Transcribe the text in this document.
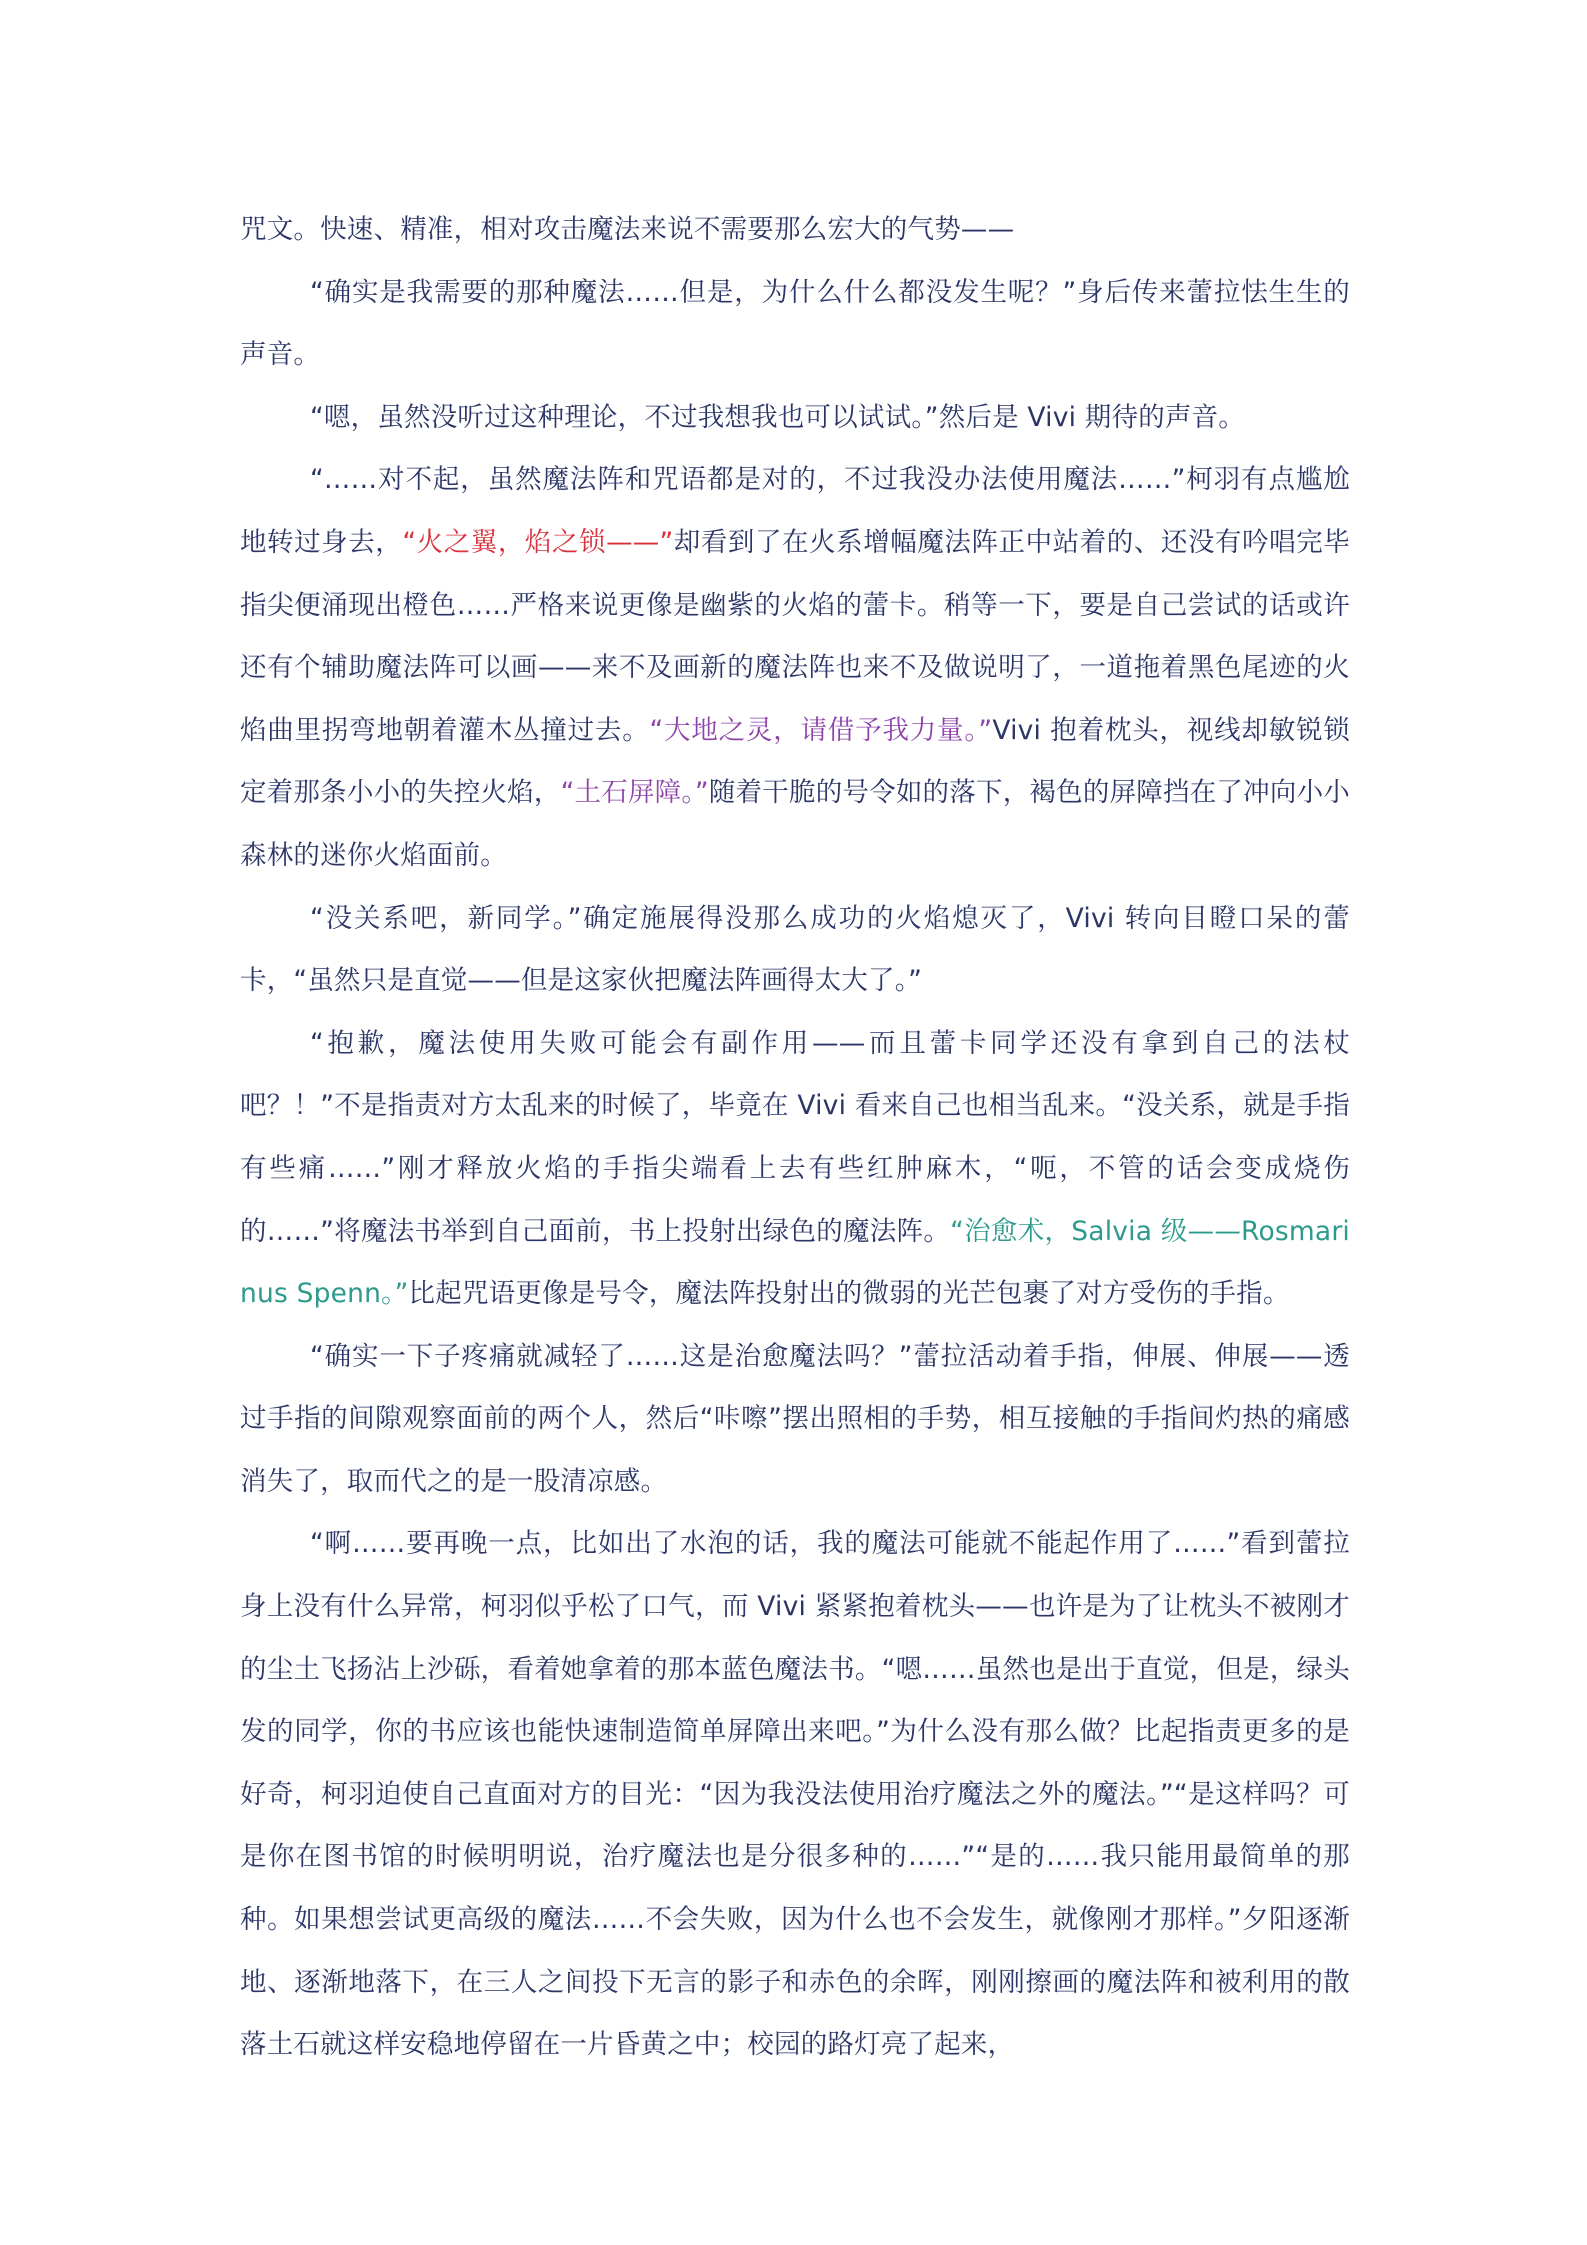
咒文。快速、精准，相对攻击魔法来说不需要那么宏大的气势——

“确实是我需要的那种魔法……但是，为什么什么都没发生呢？”身后传来蕾拉怯生生的声音。

“嗯，虽然没听过这种理论，不过我想我也可以试试。”然后是 Vivi 期待的声音。

“……对不起，虽然魔法阵和咒语都是对的，不过我没办法使用魔法……”柯羽有点尴尬地转过身去，“火之翼，焰之锁——”却看到了在火系增幅魔法阵正中站着的、还没有吟唱完毕指尖便涌现出橙色……严格来说更像是幽紫的火焰的蕾卡。稍等一下，要是自己尝试的话或许还有个辅助魔法阵可以画——来不及画新的魔法阵也来不及做说明了，一道拖着黑色尾迹的火焰曲里拐弯地朝着灌木丛撞过去。“大地之灵，请借予我力量。”Vivi 抱着枕头，视线却敏锐锁定着那条小小的失控火焰，“土石屏障。”随着干脆的号令如的落下，褐色的屏障挡在了冲向小小森林的迷你火焰面前。

“没关系吧，新同学。”确定施展得没那么成功的火焰熄灭了，Vivi 转向目瞪口呆的蕾卡，“虽然只是直觉——但是这家伙把魔法阵画得太大了。”

“抱歉，魔法使用失败可能会有副作用——而且蕾卡同学还没有拿到自己的法杖吧？！”不是指责对方太乱来的时候了，毕竟在 Vivi 看来自己也相当乱来。“没关系，就是手指有些痛……”刚才释放火焰的手指尖端看上去有些红肿麻木，“呃，不管的话会变成烧伤的……”将魔法书举到自己面前，书上投射出绿色的魔法阵。“治愈术，Salvia 级——Rosmarinus Spenn。”比起咒语更像是号令，魔法阵投射出的微弱的光芒包裹了对方受伤的手指。

“确实一下子疼痛就减轻了……这是治愈魔法吗？”蕾拉活动着手指，伸展、伸展——透过手指的间隙观察面前的两个人，然后“咔嚓”摆出照相的手势，相互接触的手指间灼热的痛感消失了，取而代之的是一股清凉感。

“啊……要再晚一点，比如出了水泡的话，我的魔法可能就不能起作用了……”看到蕾拉身上没有什么异常，柯羽似乎松了口气，而 Vivi 紧紧抱着枕头——也许是为了让枕头不被刚才的尘土飞扬沾上沙砾，看着她拿着的那本蓝色魔法书。“嗯……虽然也是出于直觉，但是，绿头发的同学，你的书应该也能快速制造简单屏障出来吧。”为什么没有那么做？比起指责更多的是好奇，柯羽迫使自己直面对方的目光：“因为我没法使用治疗魔法之外的魔法。”“是这样吗？可是你在图书馆的时候明明说，治疗魔法也是分很多种的……”“是的……我只能用最简单的那种。如果想尝试更高级的魔法……不会失败，因为什么也不会发生，就像刚才那样。”夕阳逐渐地、逐渐地落下，在三人之间投下无言的影子和赤色的余晖，刚刚擦画的魔法阵和被利用的散落土石就这样安稳地停留在一片昏黄之中；校园的路灯亮了起来，
